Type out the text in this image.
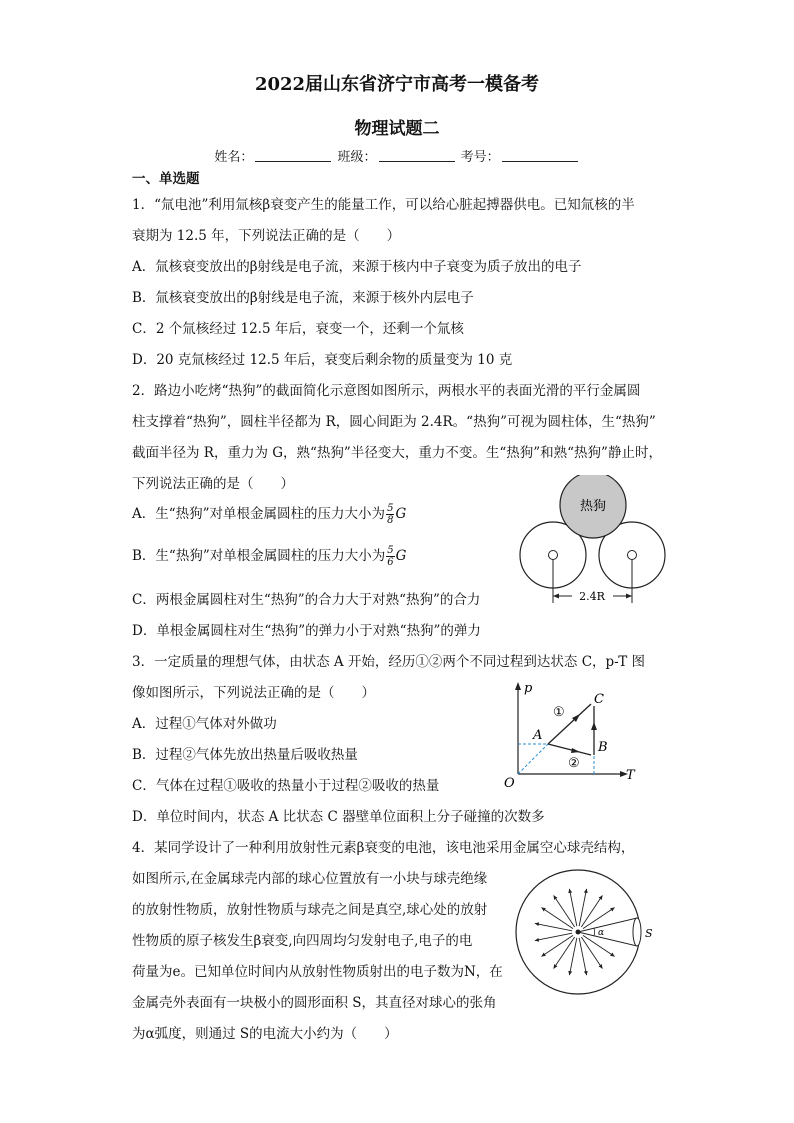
2022届山东省济宁市高考一模备考
物理试题二
姓名：	班级：	考号：
一、单选题
1．“氚电池”利用氚核β衰变产生的能量工作，可以给心脏起搏器供电。已知氚核的半
衰期为 12.5 年，下列说法正确的是（　　）
A．氚核衰变放出的β射线是电子流，来源于核内中子衰变为质子放出的电子
B．氚核衰变放出的β射线是电子流，来源于核外内层电子
C．2 个氚核经过 12.5 年后，衰变一个，还剩一个氚核
D．20 克氚核经过 12.5 年后，衰变后剩余物的质量变为 10 克
2．路边小吃烤“热狗”的截面简化示意图如图所示，两根水平的表面光滑的平行金属圆
柱支撑着“热狗”，圆柱半径都为 R，圆心间距为 2.4R。“热狗”可视为圆柱体，生“热狗”
截面半径为 R，重力为 G，熟“热狗”半径变大，重力不变。生“热狗”和熟“热狗”静止时，
下列说法正确的是（　　）
A．生“热狗”对单根金属圆柱的压力大小为 $\frac{5}{8}$ G
B．生“热狗”对单根金属圆柱的压力大小为 $\frac{5}{6}$ G
C．两根金属圆柱对生“热狗”的合力大于对熟“热狗”的合力
D．单根金属圆柱对生“热狗”的弹力小于对熟“热狗”的弹力
热狗
2.4R
3．一定质量的理想气体，由状态 A 开始，经历①②两个不同过程到达状态 C，p-T 图
像如图所示，下列说法正确的是（　　）
A．过程①气体对外做功
B．过程②气体先放出热量后吸收热量
C．气体在过程①吸收的热量小于过程②吸收的热量
D．单位时间内，状态 A 比状态 C 器壁单位面积上分子碰撞的次数多
p
T
O
A
B
C
①
②
4．某同学设计了一种利用放射性元素β衰变的电池，该电池采用金属空心球壳结构，
如图所示,在金属球壳内部的球心位置放有一小块与球壳绝缘
的放射性物质，放射性物质与球壳之间是真空,球心处的放射
性物质的原子核发生β衰变,向四周均匀发射电子,电子的电
荷量为e。已知单位时间内从放射性物质射出的电子数为N，在
金属壳外表面有一块极小的圆形面积 S，其直径对球心的张角
为α弧度，则通过 S的电流大小约为（　　）
α	S
